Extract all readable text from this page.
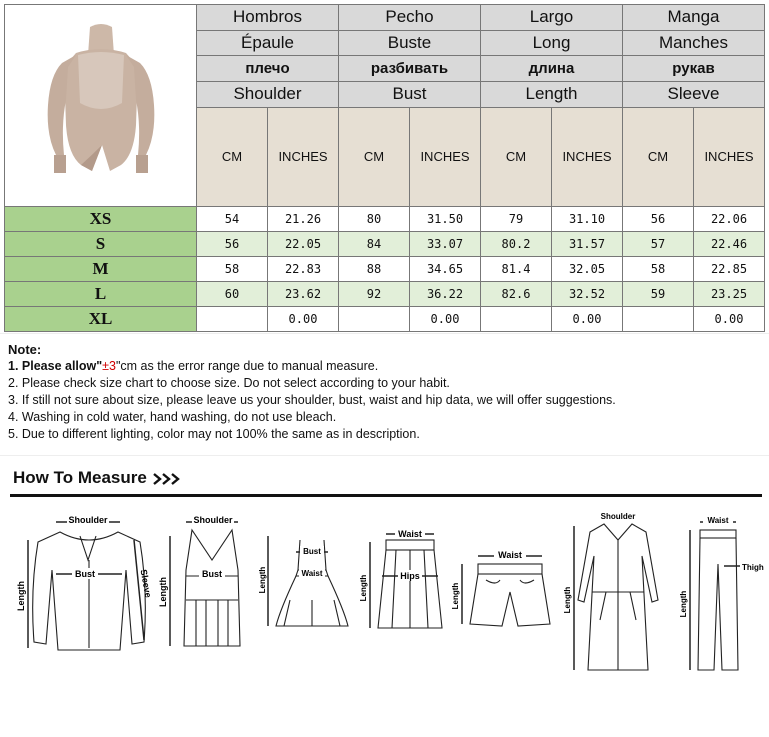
	Hombros		Pecho		Largo		Manga	
	Épaule		Buste		Long		Manches	
	плечо		разбивать		длина		рукав	
	Shoulder		Bust		Length		Sleeve	
	CM	INCHES	CM	INCHES	CM	INCHES	CM	INCHES
XS	54	21.26	80	31.50	79	31.10	56	22.06
S	56	22.05	84	33.07	80.2	31.57	57	22.46
M	58	22.83	88	34.65	81.4	32.05	58	22.85
L	60	23.62	92	36.22	82.6	32.52	59	23.25
XL		0.00		0.00		0.00		0.00
Note:
1. Please allow"±3"cm as the error range due to manual measure.
2. Please check size chart to choose size. Do not select according to your habit.
3. If still not sure about size, please leave us your shoulder, bust, waist and hip data, we will offer suggestions.
4. Washing in cold water, hand washing, do not use bleach.
5. Due to different lighting, color may not 100% the same as in description.
How To Measure
Shoulder
Bust
Length	Sleeve
Shoulder
Bust
Length
Bust
Waist
Length
Waist
Hips
Length
Waist
Length
Shoulder
Length
Waist
Thigh
Length
